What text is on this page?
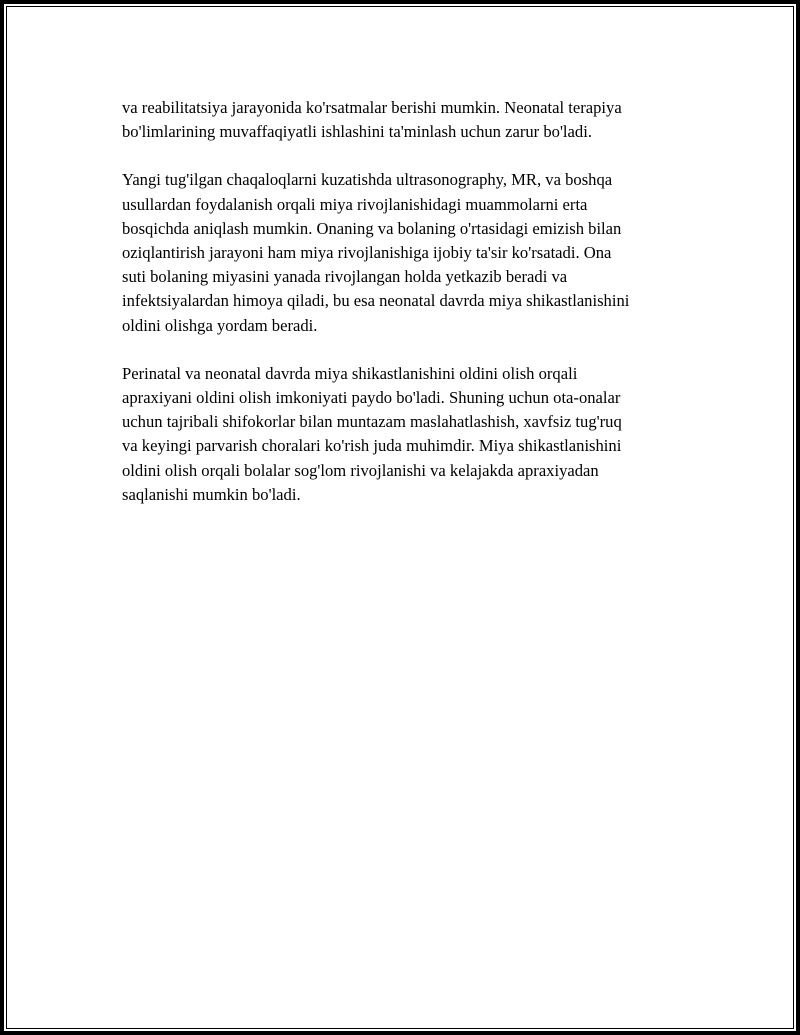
va reabilitatsiya jarayonida ko'rsatmalar berishi mumkin. Neonatal terapiya
bo'limlarining muvaffaqiyatli ishlashini ta'minlash uchun zarur bo'ladi.

Yangi tug'ilgan chaqaloqlarni kuzatishda ultrasonography, MR, va boshqa
usullardan foydalanish orqali miya rivojlanishidagi muammolarni erta
bosqichda aniqlash mumkin. Onaning va bolaning o'rtasidagi emizish bilan
oziqlantirish jarayoni ham miya rivojlanishiga ijobiy ta'sir ko'rsatadi. Ona
suti bolaning miyasini yanada rivojlangan holda yetkazib beradi va
infektsiyalardan himoya qiladi, bu esa neonatal davrda miya shikastlanishini
oldini olishga yordam beradi.

Perinatal va neonatal davrda miya shikastlanishini oldini olish orqali
apraxiyani oldini olish imkoniyati paydo bo'ladi. Shuning uchun ota-onalar
uchun tajribali shifokorlar bilan muntazam maslahatlashish, xavfsiz tug'ruq
va keyingi parvarish choralari ko'rish juda muhimdir. Miya shikastlanishini
oldini olish orqali bolalar sog'lom rivojlanishi va kelajakda apraxiyadan
saqlanishi mumkin bo'ladi.
